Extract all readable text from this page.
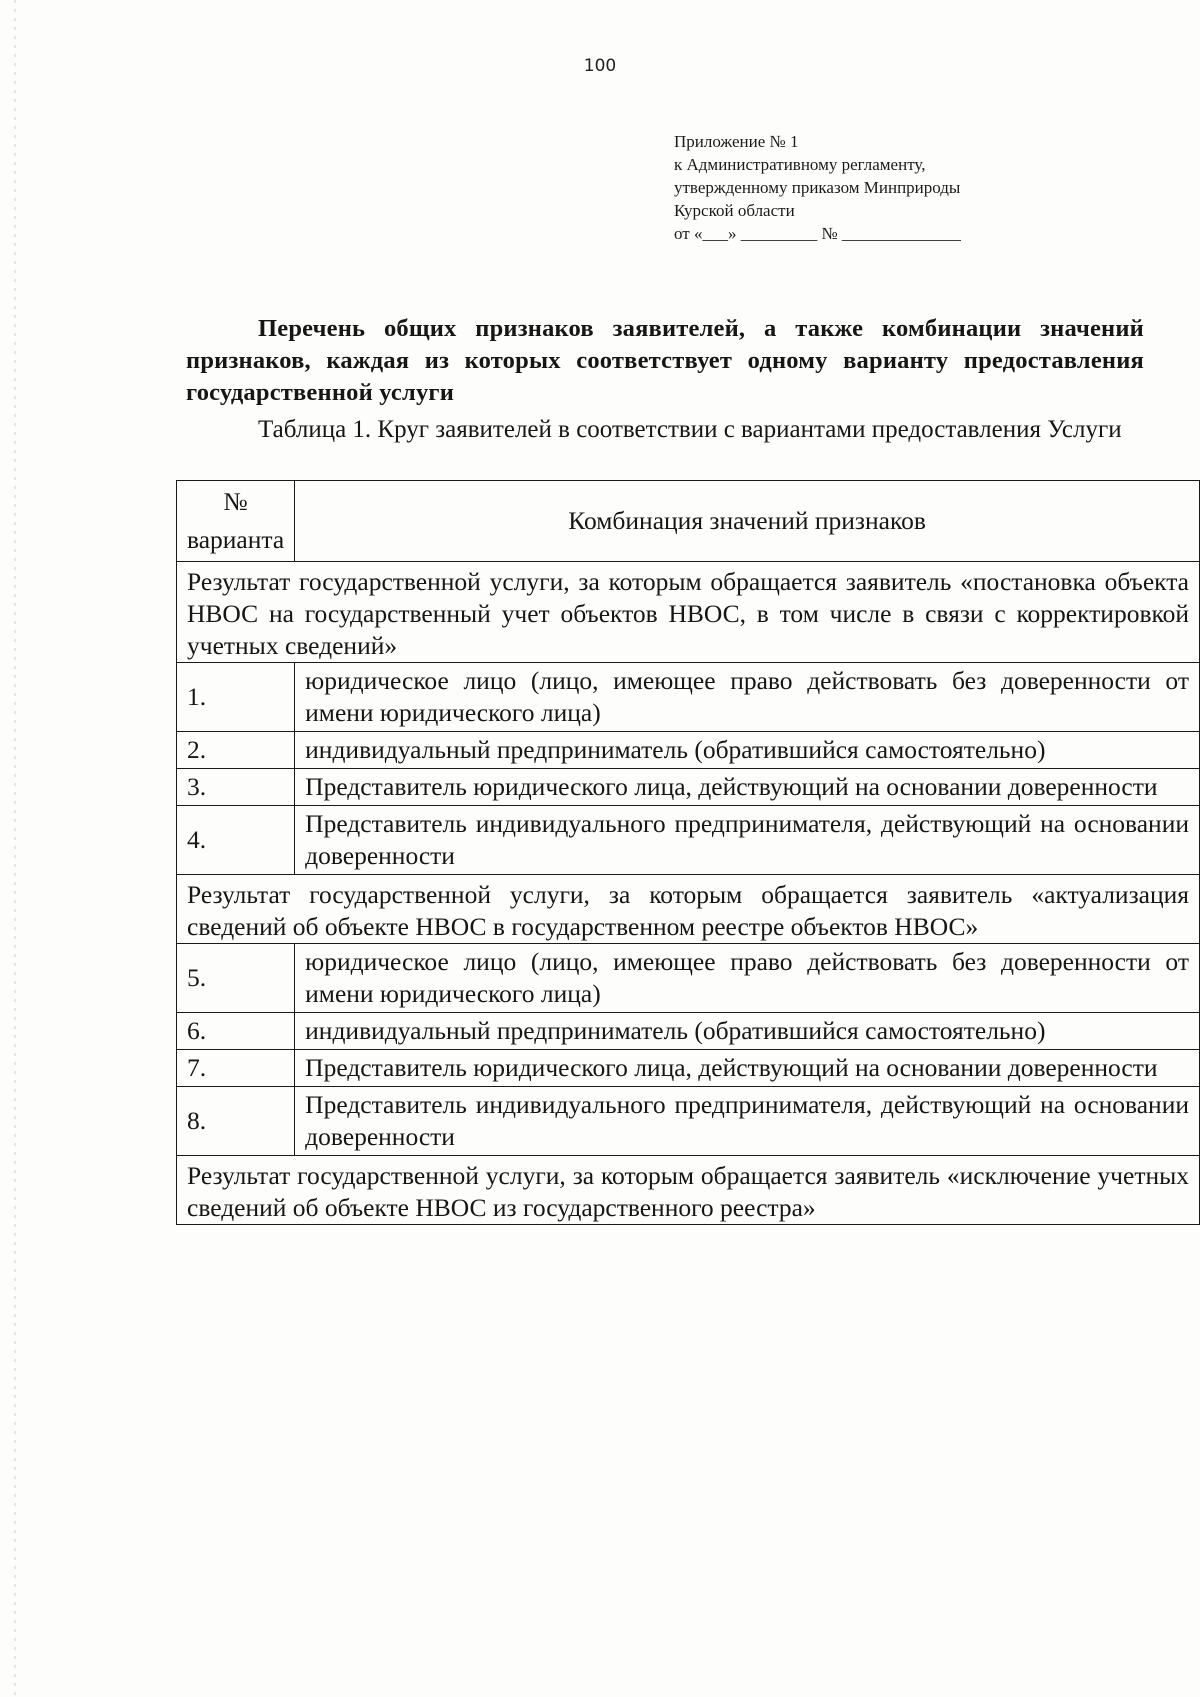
100
Приложение № 1
к Административному регламенту,
утвержденному приказом Минприроды
Курской области
от «___» _________ № ______________
Перечень общих признаков заявителей, а также комбинации значений признаков, каждая из которых соответствует одному варианту предоставления государственной услуги
Таблица 1. Круг заявителей в соответствии с вариантами предоставления Услуги
№ варианта	Комбинация значений признаков
Результат государственной услуги, за которым обращается заявитель «постановка объекта НВОС на государственный учет объектов НВОС, в том числе в связи с корректировкой учетных сведений»	
1.	юридическое лицо (лицо, имеющее право действовать без доверенности от имени юридического лица)
2.	индивидуальный предприниматель (обратившийся самостоятельно)
3.	Представитель юридического лица, действующий на основании доверенности
4.	Представитель индивидуального предпринимателя, действующий на основании доверенности
Результат государственной услуги, за которым обращается заявитель «актуализация сведений об объекте НВОС в государственном реестре объектов НВОС»	
5.	юридическое лицо (лицо, имеющее право действовать без доверенности от имени юридического лица)
6.	индивидуальный предприниматель (обратившийся самостоятельно)
7.	Представитель юридического лица, действующий на основании доверенности
8.	Представитель индивидуального предпринимателя, действующий на основании доверенности
Результат государственной услуги, за которым обращается заявитель «исключение учетных сведений об объекте НВОС из государственного реестра»	
